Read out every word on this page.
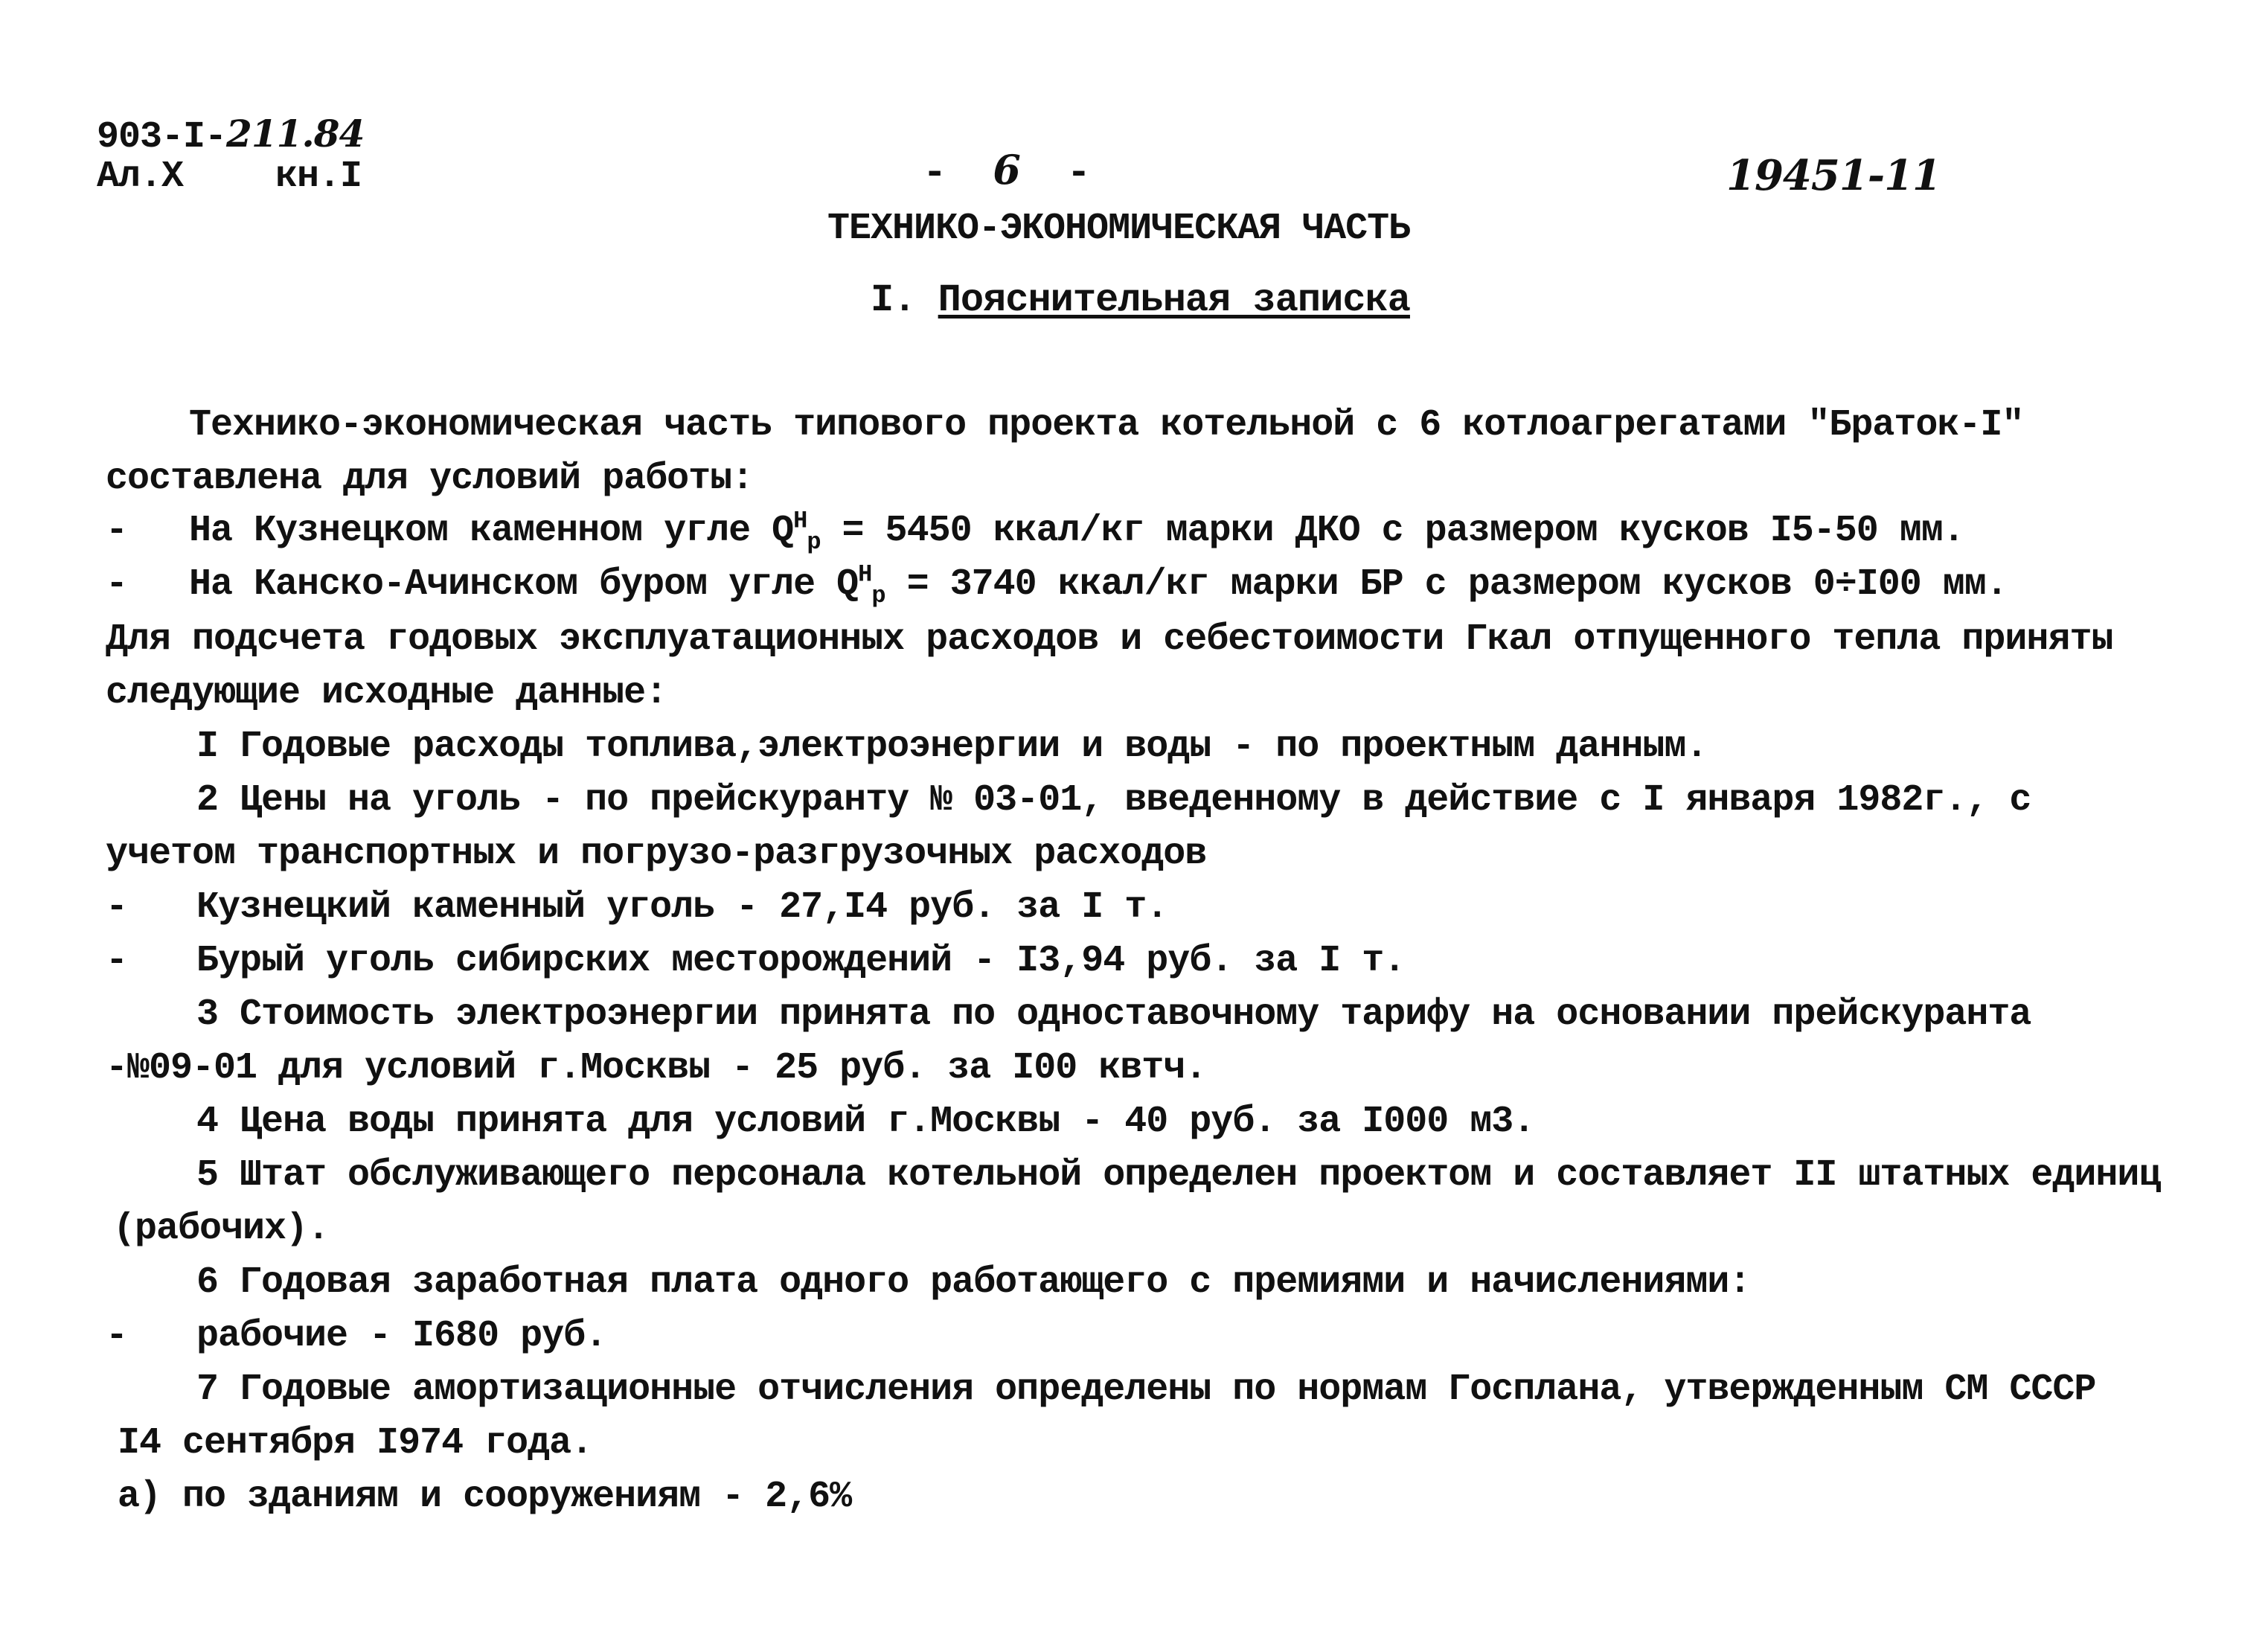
903-I-211.84
Ал.X кн.I	- 6 -	19451-11
ТЕХНИКО-ЭКОНОМИЧЕСКАЯ ЧАСТЬ
I. Пояснительная записка
Технико-экономическая часть типового проекта котельной с 6 котлоагрегатами "Браток-I"
составлена для условий работы:
- На Кузнецком каменном угле $Q^Н_р = 5450$ ккал/кг марки ДКО с размером кусков I5-50 мм.
- На Канско-Ачинском буром угле $Q^Н_р = 3740$ ккал/кг марки БР с размером кусков 0÷I00 мм.
Для подсчета годовых эксплуатационных расходов и себестоимости Гкал отпущенного тепла приняты
следующие исходные данные:
I Годовые расходы топлива,электроэнергии и воды - по проектным данным.
2 Цены на уголь - по прейскуранту № 03-01, введенному в действие с I января 1982г., с
учетом транспортных и погрузо-разгрузочных расходов
- Кузнецкий каменный уголь - 27,I4 руб. за I т.
- Бурый уголь сибирских месторождений - I3,94 руб. за I т.
3 Стоимость электроэнергии принята по одноставочному тарифу на основании прейскуранта
-№09-01 для условий г.Москвы - 25 руб. за I00 квтч.
4 Цена воды принята для условий г.Москвы - 40 руб. за I000 м3.
5 Штат обслуживающего персонала котельной определен проектом и составляет II штатных единиц
(рабочих).
6 Годовая заработная плата одного работающего с премиями и начислениями:
- рабочие - I680 руб.
7 Годовые амортизационные отчисления определены по нормам Госплана, утвержденным СМ СССР
I4 сентября I974 года.
а) по зданиям и сооружениям - 2,6%
